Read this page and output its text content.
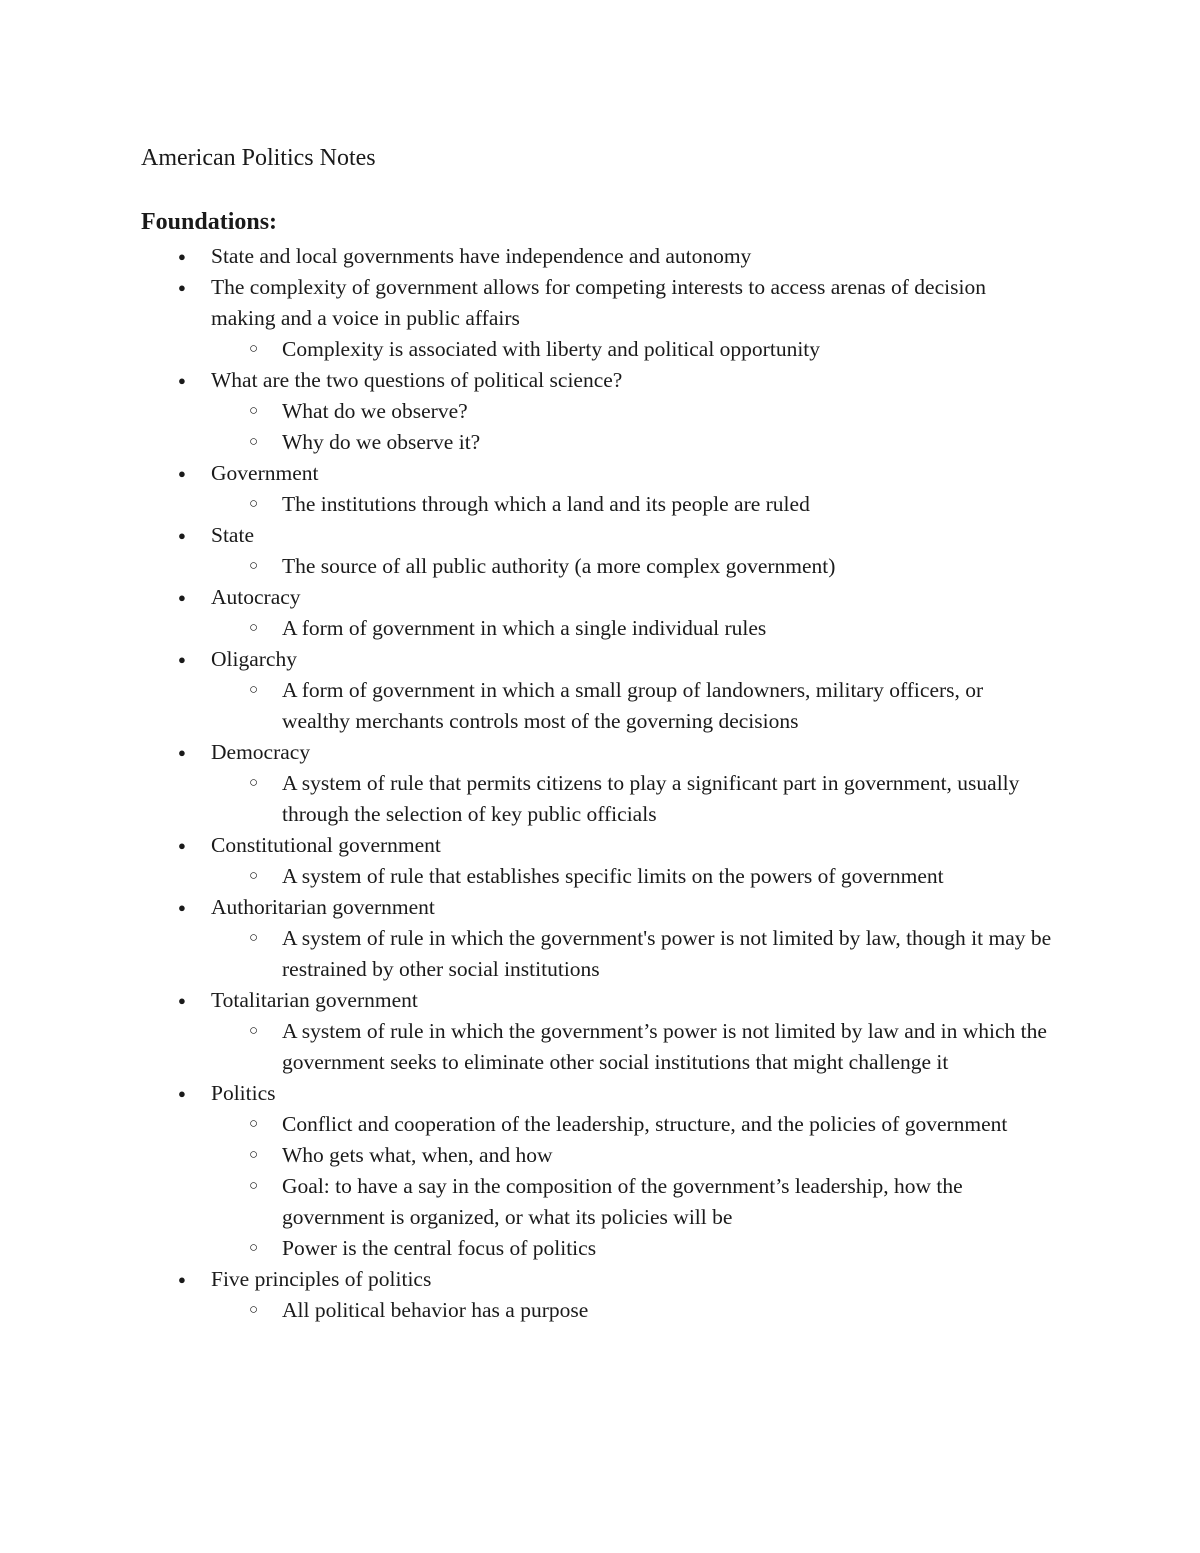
American Politics Notes
Foundations:
● State and local governments have independence and autonomy
● The complexity of government allows for competing interests to access arenas of decision making and a voice in public affairs
○ Complexity is associated with liberty and political opportunity
● What are the two questions of political science?
○ What do we observe?
○ Why do we observe it?
● Government
○ The institutions through which a land and its people are ruled
● State
○ The source of all public authority (a more complex government)
● Autocracy
○ A form of government in which a single individual rules
● Oligarchy
○ A form of government in which a small group of landowners, military officers, or wealthy merchants controls most of the governing decisions
● Democracy
○ A system of rule that permits citizens to play a significant part in government, usually through the selection of key public officials
● Constitutional government
○ A system of rule that establishes specific limits on the powers of government
● Authoritarian government
○ A system of rule in which the government's power is not limited by law, though it may be restrained by other social institutions
● Totalitarian government
○ A system of rule in which the government’s power is not limited by law and in which the government seeks to eliminate other social institutions that might challenge it
● Politics
○ Conflict and cooperation of the leadership, structure, and the policies of government
○ Who gets what, when, and how
○ Goal: to have a say in the composition of the government’s leadership, how the government is organized, or what its policies will be
○ Power is the central focus of politics
● Five principles of politics
○ All political behavior has a purpose
